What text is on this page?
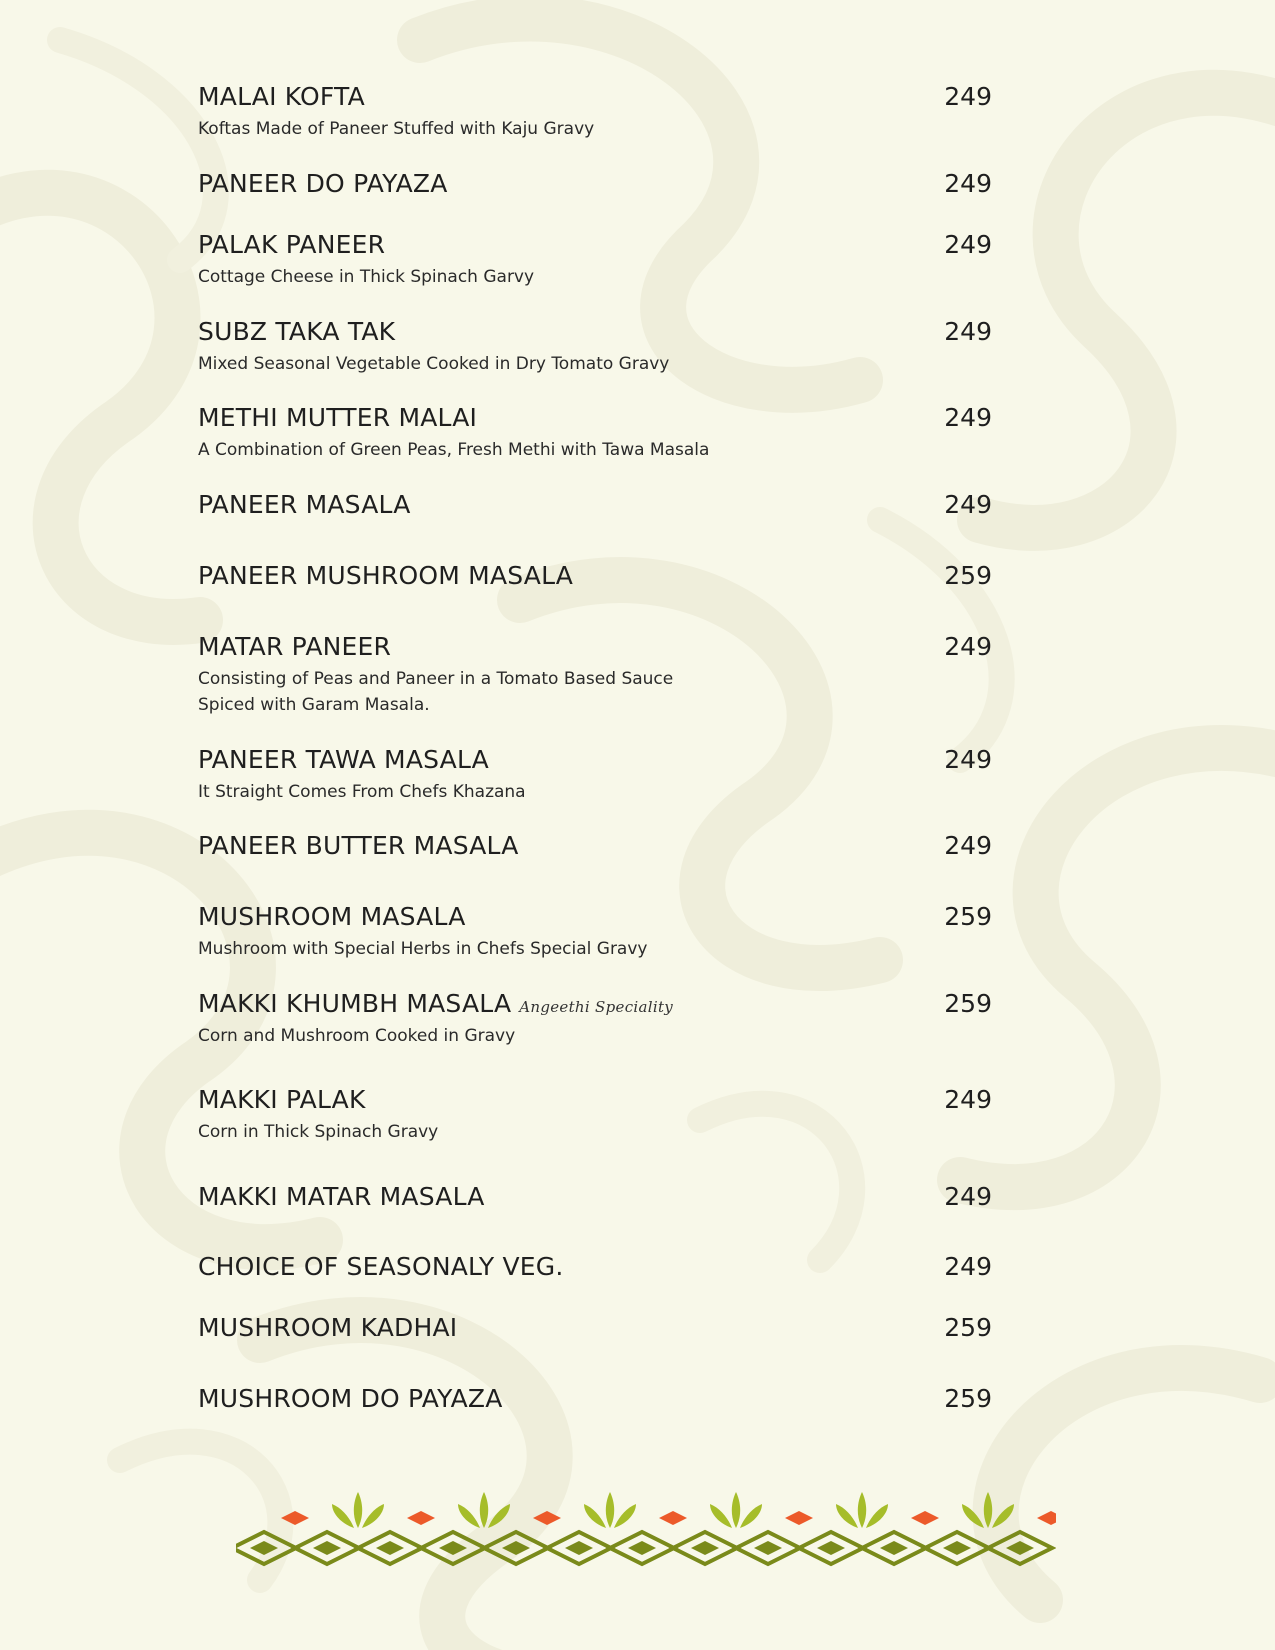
MALAI KOFTA	249
Koftas Made of Paneer Stuffed with Kaju Gravy
PANEER DO PAYAZA	249
PALAK PANEER	249
Cottage Cheese in Thick Spinach Garvy
SUBZ TAKA TAK	249
Mixed Seasonal Vegetable Cooked in Dry Tomato Gravy
METHI MUTTER MALAI	249
A Combination of Green Peas, Fresh Methi with Tawa Masala
PANEER MASALA	249
PANEER MUSHROOM MASALA	259
MATAR PANEER	249
Consisting of Peas and Paneer in a Tomato Based Sauce Spiced with Garam Masala.
PANEER TAWA MASALA	249
It Straight Comes From Chefs Khazana
PANEER BUTTER MASALA	249
MUSHROOM MASALA	259
Mushroom with Special Herbs in Chefs Special Gravy
MAKKI KHUMBH MASALA Angeethi Speciality	259
Corn and Mushroom Cooked in Gravy
MAKKI PALAK	249
Corn in Thick Spinach Gravy
MAKKI MATAR MASALA	249
CHOICE OF SEASONALY VEG.	249
MUSHROOM KADHAI	259
MUSHROOM DO PAYAZA	259
